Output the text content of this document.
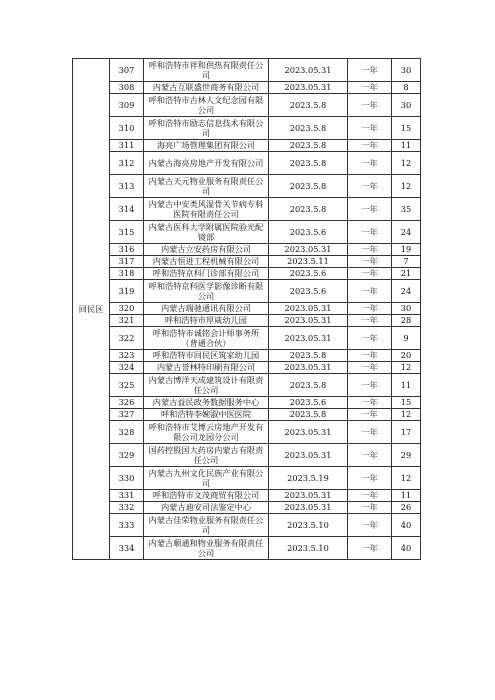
回民区	307	呼和浩特市祥和供热有限责任公司	2023.05.31	一年	30
	308	内蒙古互联盛世商务有限公司	2023.05.31	一年	8
	309	呼和浩特市古林人文纪念园有限公司	2023.5.8	一年	30
	310	呼和浩特市励志信息技术有限公司	2023.5.8	一年	15
	311	海亮广场管理集团有限公司	2023.5.8	一年	11
	312	内蒙古海亮房地产开发有限公司	2023.5.8	一年	12
	313	内蒙古天元物业服务有限责任公司	2023.5.8	一年	12
	314	内蒙古中安类风湿骨关节病专科医院有限责任公司	2023.5.8	一年	35
	315	内蒙古医科大学附属医院验光配镜部	2023.5.6	一年	24
	316	内蒙古立安药房有限公司	2023.05.31	一年	19
	317	内蒙古恒进工程机械有限公司	2023.5.11	一年	7
	318	呼和浩特京科门诊部有限公司	2023.5.6	一年	21
	319	呼和浩特京科医学影像诊断有限公司	2023.5.6	一年	24
	320	内蒙古瑞驰通讯有限公司	2023.05.31	一年	30
	321	呼和浩特市厚威幼儿园	2023.05.31	一年	28
	322	呼和浩特市诚铭会计师事务所（普通合伙）	2023.05.31	一年	9
	323	呼和浩特市回民区筑家幼儿园	2023.5.8	一年	20
	324	内蒙古誉林特印刷有限公司	2023.05.31	一年	12
	325	内蒙古博洋天成建筑设计有限责任公司	2023.5.8	一年	11
	326	内蒙古益民政务数据服务中心	2023.5.6	一年	15
	327	呼和浩特李婉淑中医医院	2023.5.8	一年	12
	328	呼和浩特市艾博云房地产开发有限公司龙园分公司	2023.05.31	一年	17
	329	国药控股国大药房内蒙古有限责任公司	2023.05.31	一年	29
	330	内蒙古九州文化民族产业有限公司	2023.5.19	一年	12
	331	呼和浩特市文茂商贸有限公司	2023.05.31	一年	11
	332	内蒙古迪安司法鉴定中心	2023.05.31	一年	26
	333	内蒙古佳荣物业服务有限责任公司	2023.5.10	一年	40
	334	内蒙古顺通和物业服务有限责任公司	2023.5.10	一年	40
